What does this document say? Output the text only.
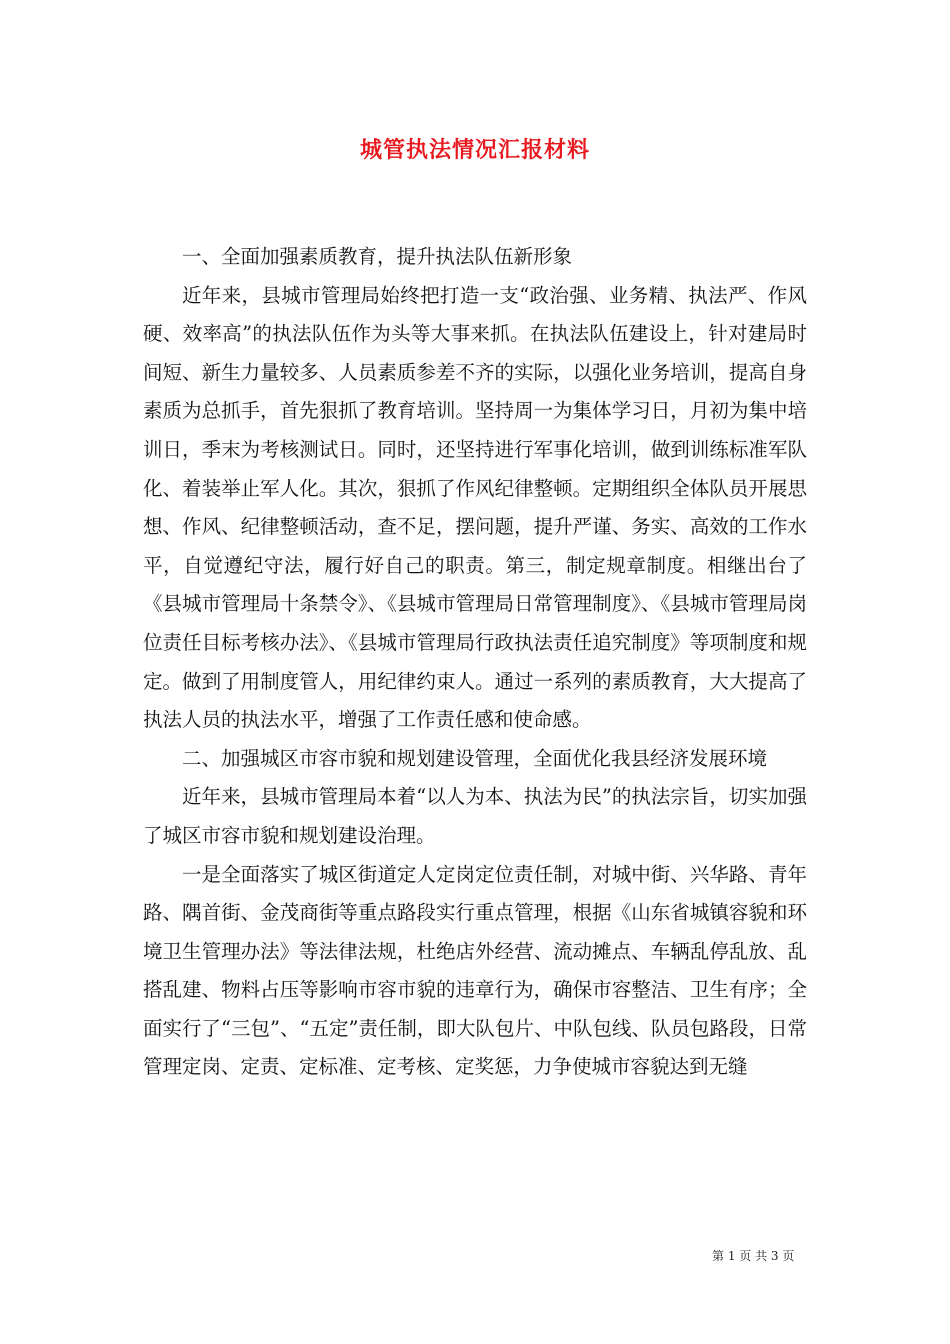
城管执法情况汇报材料

一、全面加强素质教育，提升执法队伍新形象

近年来，县城市管理局始终把打造一支“政治强、业务精、执法严、作风硬、效率高”的执法队伍作为头等大事来抓。在执法队伍建设上，针对建局时间短、新生力量较多、人员素质参差不齐的实际，以强化业务培训，提高自身素质为总抓手，首先狠抓了教育培训。坚持周一为集体学习日，月初为集中培训日，季末为考核测试日。同时，还坚持进行军事化培训，做到训练标准军队化、着装举止军人化。其次，狠抓了作风纪律整顿。定期组织全体队员开展思想、作风、纪律整顿活动，查不足，摆问题，提升严谨、务实、高效的工作水平，自觉遵纪守法，履行好自己的职责。第三，制定规章制度。相继出台了《县城市管理局十条禁令》、《县城市管理局日常管理制度》、《县城市管理局岗位责任目标考核办法》、《县城市管理局行政执法责任追究制度》等项制度和规定。做到了用制度管人，用纪律约束人。通过一系列的素质教育，大大提高了执法人员的执法水平，增强了工作责任感和使命感。

二、加强城区市容市貌和规划建设管理，全面优化我县经济发展环境

近年来，县城市管理局本着“以人为本、执法为民”的执法宗旨，切实加强了城区市容市貌和规划建设治理。

一是全面落实了城区街道定人定岗定位责任制，对城中街、兴华路、青年路、隅首街、金茂商街等重点路段实行重点管理，根据《山东省城镇容貌和环境卫生管理办法》等法律法规，杜绝店外经营、流动摊点、车辆乱停乱放、乱搭乱建、物料占压等影响市容市貌的违章行为，确保市容整洁、卫生有序；全面实行了“三包”、“五定”责任制，即大队包片、中队包线、队员包路段，日常管理定岗、定责、定标准、定考核、定奖惩，力争使城市容貌达到无缝

第 1 页 共 3 页
